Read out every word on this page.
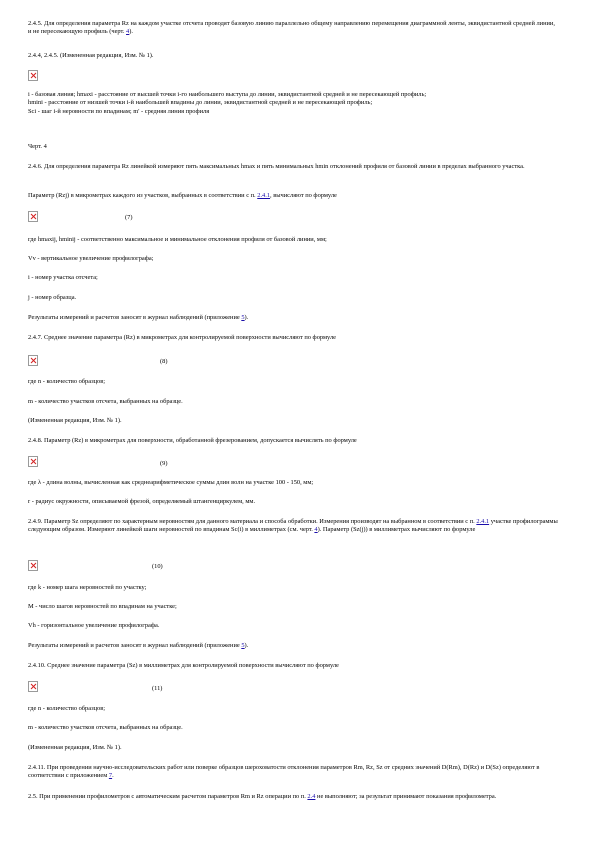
2.4.5. Для определения параметра Rz на каждом участке отсчета проводят базовую линию параллельно общему направлению перемещения диаграммной ленты, эквидистантной средней линии, и не пересекающую профиль (черт. 4).
2.4.4, 2.4.5. (Измененная редакция, Изм. № 1).
i - базовая линия; hmaxi - расстояние от высшей точки i-го наибольшего выступа до линии, эквидистантной средней и не пересекающей профиль;
hmini - расстояние от низшей точки i-й наибольшей впадины до линии, эквидистантной средней и не пересекающей профиль;
Sci - шаг i-й неровности по впадинам; m' - средняя линия профиля
Черт. 4
2.4.6. Для определения параметра Rz линейкой измеряют пять максимальных hmax и пять минимальных hmin отклонений профиля от базовой линии в пределах выбранного участка.
Параметр (Rzj) в микрометрах каждого из участков, выбранных в соответствии с п. 2.4.1, вычисляют по формуле
(7)
где hmaxij, hminij - соответственно максимальное и минимальное отклонения профиля от базовой линии, мм;
Vv - вертикальное увеличение профилографа;
i - номер участка отсчета;
j - номер образца.
Результаты измерений и расчетов заносят в журнал наблюдений (приложение 5).
2.4.7. Среднее значение параметра (Rz) в микрометрах для контролируемой поверхности вычисляют по формуле
(8)
где n - количество образцов;
m - количество участков отсчета, выбранных на образце.
(Измененная редакция, Изм. № 1).
2.4.8. Параметр (Rz) в микрометрах для поверхности, обработанной фрезерованием, допускается вычислять по формуле
(9)
где λ - длина волны, вычисленная как среднеарифметическое суммы длин волн на участке 100 - 150, мм;
r - радиус окружности, описываемой фрезой, определяемый штангенциркулем, мм.
2.4.9. Параметр Sz определяют по характерным неровностям для данного материала и способа обработки. Измерения производят на выбранном в соответствии с п. 2.4.1 участке профилограммы следующим образом. Измеряют линейкой шаги неровностей по впадинам Sc(i) в миллиметрах (см. черт. 4). Параметр (Sz(j)) в миллиметрах вычисляют по формуле
(10)
где k - номер шага неровностей по участку;
M - число шагов неровностей по впадинам на участке;
Vh - горизонтальное увеличение профилографа.
Результаты измерений и расчетов заносят в журнал наблюдений (приложение 5).
2.4.10. Среднее значение параметра (Sz) в миллиметрах для контролируемой поверхности вычисляют по формуле
(11)
где n - количество образцов;
m - количество участков отсчета, выбранных на образце.
(Измененная редакция, Изм. № 1).
2.4.11. При проведении научно-исследовательских работ или поверке образцов шероховатости отклонения параметров Rm, Rz, Sz от средних значений D(Rm), D(Rz) и D(Sz) определяют в соответствии с приложением 7.
2.5. При применении профилометров с автоматическим расчетом параметров Rm и Rz операции по п. 2.4 не выполняют; за результат принимают показания профилометра.
